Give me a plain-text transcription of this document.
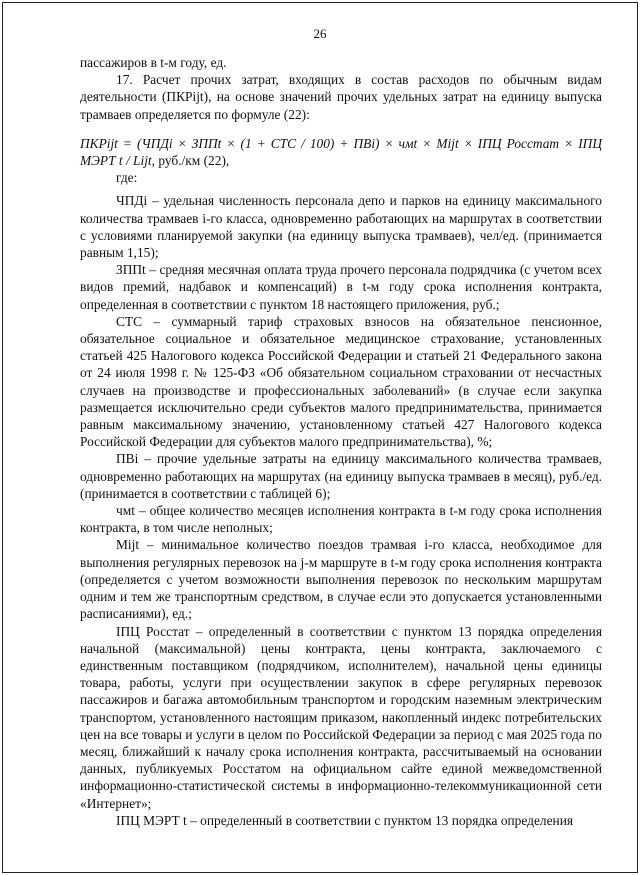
26

пассажиров в t-м году, ед.

17. Расчет прочих затрат, входящих в состав расходов по обычным видам деятельности (ПКРijt), на основе значений прочих удельных затрат на единицу выпуска трамваев определяется по формуле (22):

ПКРijt = (ЧПДi × ЗППt × (1 + CТС / 100) + ПВi) × чмt × Mijt × IПЦ Росстат × IПЦ МЭРТ t / Lijt, руб./км (22),

где:

ЧПДi – удельная численность персонала депо и парков на единицу максимального количества трамваев i-го класса, одновременно работающих на маршрутах в соответствии с условиями планируемой закупки (на единицу выпуска трамваев), чел/ед. (принимается равным 1,15);

ЗППt – средняя месячная оплата труда прочего персонала подрядчика (с учетом всех видов премий, надбавок и компенсаций) в t-м году срока исполнения контракта, определенная в соответствии с пунктом 18 настоящего приложения, руб.;

CТС – суммарный тариф страховых взносов на обязательное пенсионное, обязательное социальное и обязательное медицинское страхование, установленных статьей 425 Налогового кодекса Российской Федерации и статьей 21 Федерального закона от 24 июля 1998 г. № 125-ФЗ «Об обязательном социальном страховании от несчастных случаев на производстве и профессиональных заболеваний» (в случае если закупка размещается исключительно среди субъектов малого предпринимательства, принимается равным максимальному значению, установленному статьей 427 Налогового кодекса Российской Федерации для субъектов малого предпринимательства), %;

ПВi – прочие удельные затраты на единицу максимального количества трамваев, одновременно работающих на маршрутах (на единицу выпуска трамваев в месяц), руб./ед. (принимается в соответствии с таблицей 6);

чмt – общее количество месяцев исполнения контракта в t-м году срока исполнения контракта, в том числе неполных;

Mijt – минимальное количество поездов трамвая i-го класса, необходимое для выполнения регулярных перевозок на j-м маршруте в t-м году срока исполнения контракта (определяется с учетом возможности выполнения перевозок по нескольким маршрутам одним и тем же транспортным средством, в случае если это допускается установленными расписаниями), ед.;

IПЦ Росстат – определенный в соответствии с пунктом 13 порядка определения начальной (максимальной) цены контракта, цены контракта, заключаемого с единственным поставщиком (подрядчиком, исполнителем), начальной цены единицы товара, работы, услуги при осуществлении закупок в сфере регулярных перевозок пассажиров и багажа автомобильным транспортом и городским наземным электрическим транспортом, установленного настоящим приказом, накопленный индекс потребительских цен на все товары и услуги в целом по Российской Федерации за период с мая 2025 года по месяц, ближайший к началу срока исполнения контракта, рассчитываемый на основании данных, публикуемых Росстатом на официальном сайте единой межведомственной информационно-статистической системы в информационно-телекоммуникационной сети «Интернет»;

IПЦ МЭРТ t – определенный в соответствии с пунктом 13 порядка определения
